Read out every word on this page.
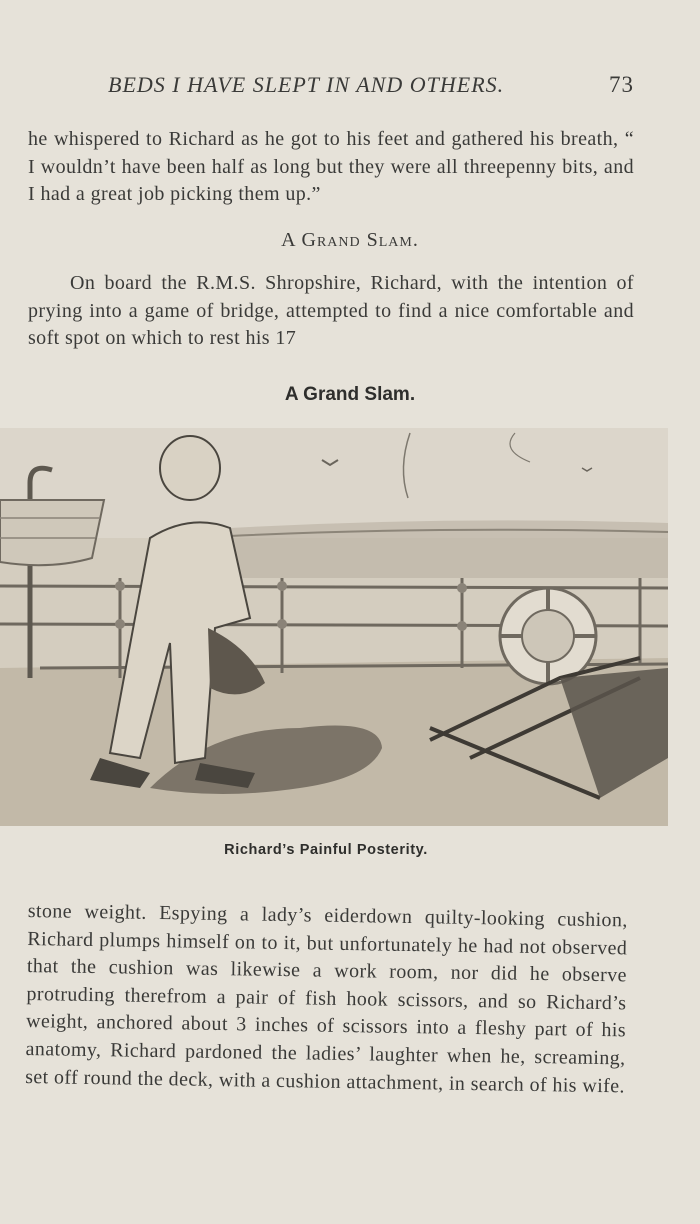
BEDS I HAVE SLEPT IN AND OTHERS.	73
he whispered to Richard as he got to his feet and gathered his breath, “ I wouldn’t have been half as long but they were all threepenny bits, and I had a great job picking them up.”
A Grand Slam.
On board the R.M.S. Shropshire, Richard, with the intention of prying into a game of bridge, attempted to find a nice comfortable and soft spot on which to rest his 17
A Grand Slam.
Richard’s Painful Posterity.
stone weight. Espying a lady’s eiderdown quilty-looking cushion, Richard plumps himself on to it, but unfortunately he had not observed that the cushion was likewise a work room, nor did he observe protruding therefrom a pair of fish hook scissors, and so Richard’s weight, anchored about 3 inches of scissors into a fleshy part of his anatomy, Richard pardoned the ladies’ laughter when he, screaming, set off round the deck, with a cushion attachment, in search of his wife.
